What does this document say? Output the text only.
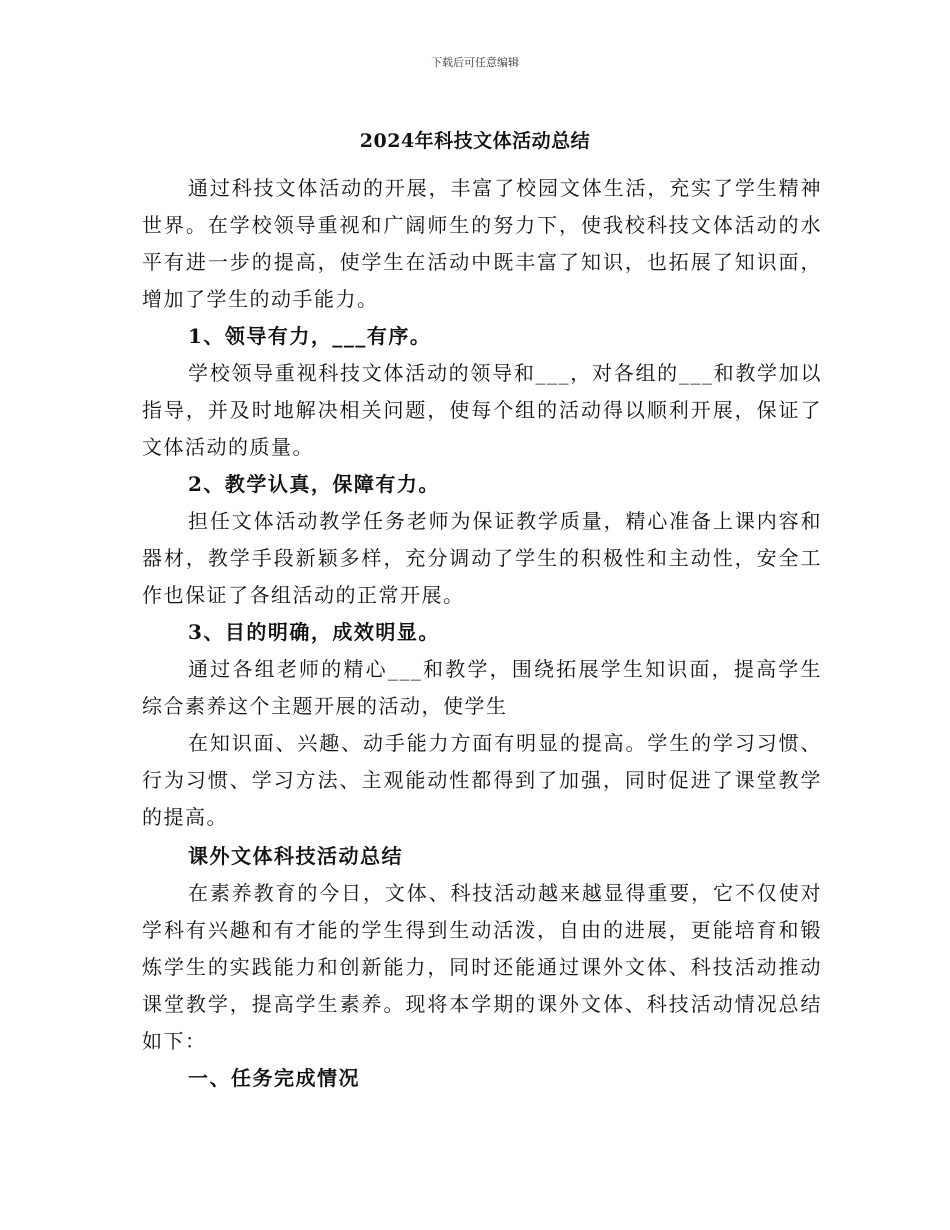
下载后可任意编辑
2024年科技文体活动总结

通过科技文体活动的开展，丰富了校园文体生活，充实了学生精神世界。在学校领导重视和广阔师生的努力下，使我校科技文体活动的水平有进一步的提高，使学生在活动中既丰富了知识，也拓展了知识面，增加了学生的动手能力。

1、领导有力，___有序。

学校领导重视科技文体活动的领导和___，对各组的___和教学加以指导，并及时地解决相关问题，使每个组的活动得以顺利开展，保证了文体活动的质量。

2、教学认真，保障有力。

担任文体活动教学任务老师为保证教学质量，精心准备上课内容和器材，教学手段新颖多样，充分调动了学生的积极性和主动性，安全工作也保证了各组活动的正常开展。

3、目的明确，成效明显。

通过各组老师的精心___和教学，围绕拓展学生知识面，提高学生综合素养这个主题开展的活动，使学生

在知识面、兴趣、动手能力方面有明显的提高。学生的学习习惯、行为习惯、学习方法、主观能动性都得到了加强，同时促进了课堂教学的提高。

课外文体科技活动总结

在素养教育的今日，文体、科技活动越来越显得重要，它不仅使对学科有兴趣和有才能的学生得到生动活泼，自由的进展，更能培育和锻炼学生的实践能力和创新能力，同时还能通过课外文体、科技活动推动课堂教学，提高学生素养。现将本学期的课外文体、科技活动情况总结如下：

一、任务完成情况
